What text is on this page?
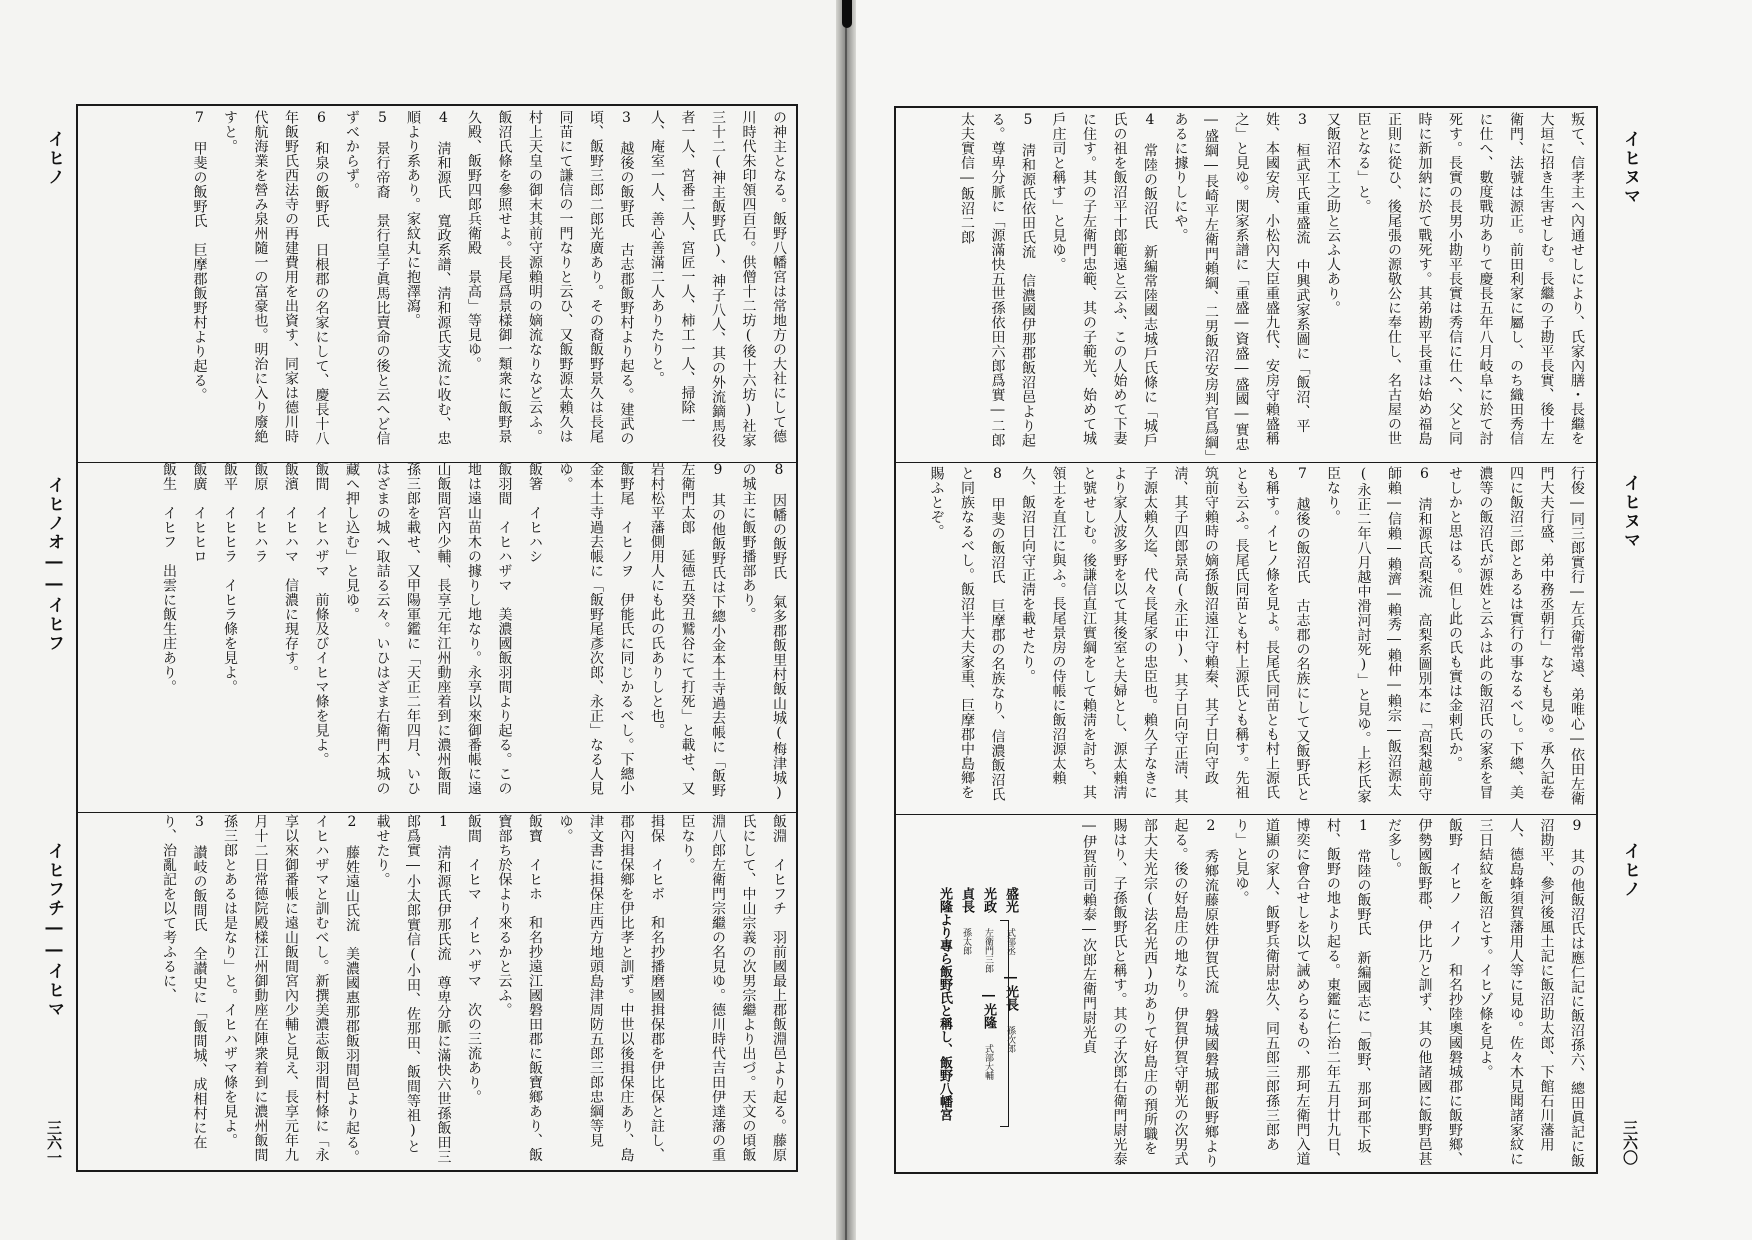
の神主となる。飯野八幡宮は常地方の大社にして德川時代朱印領四百石。供僧十二坊(後十六坊)社家三十二(神主飯野氏)、神子八人、其の外流鏑馬役者一人、宮番二人、宮匠一人、柿工一人、掃除一人、庵室一人、善心善滿二人ありたりと。
3　越後の飯野氏　古志郡飯野村より起る。建武の頃、飯野三郎二郎光廣あり。その裔飯野景久は長尾同苗にて謙信の一門なりと云ひ、又飯野源太賴久は村上天皇の御末其前守源賴明の嫡流なりなど云ふ。飯沼氏條を參照せよ。長尾爲景樣御一類衆に飯野景久殿、飯野四郎兵衛殿　景高」等見ゆ。
4　淸和源氏　寬政系譜、淸和源氏支流に收む、忠順より系あり。家紋丸に抱澤瀉。
5　景行帝裔　景行皇子眞馬比賣命の後と云へど信ずべからず。
6　和泉の飯野氏　日根郡の名家にして、慶長十八年飯野氏西法寺の再建費用を出資す、同家は德川時代航海業を營み泉州隨一の富豪也。明治に入り廢絶すと。
7　甲斐の飯野氏　巨摩郡飯野村より起る。
8　因幡の飯野氏　氣多郡飯里村飯山城(梅津城)の城主に飯野播部あり。
9　其の他飯野氏は下總小金本土寺過去帳に「飯野左衛門太郎　延德五癸丑鷲谷にて打死」と載せ、又岩村松平藩側用人にも此の氏ありしと也。
飯野尾　イヒノヲ　伊能氏に同じかるべし。下總小金本土寺過去帳に「飯野尾彥次郎、永正」なる人見ゆ。
飯箸　イヒハシ
飯羽間　イヒハザマ　美濃國飯羽間より起る。この地は遠山苗木の據りし地なり。永享以來御番帳に遠山飯間宮內少輔、長享元年江州動座着到に濃州飯間孫三郎を載せ、又甲陽軍鑑に「天正二年四月、いひはざまの城へ取詰る云々。いひはざま右衛門本城の藏へ押し込む」と見ゆ。
飯間　イヒハザマ　前條及びイヒマ條を見よ。
飯濱　イヒハマ　信濃に現存す。
飯原　イヒハラ
飯平　イヒヒラ　イヒラ條を見よ。
飯廣　イヒヒロ
飯生　イヒフ　出雲に飯生庄あり。
飯淵　イヒフチ　羽前國最上郡飯淵邑より起る。藤原氏にして、中山宗義の次男宗繼より出づ。天文の頃飯淵八郎左衛門宗繼の名見ゆ。德川時代吉田伊達藩の重臣なり。
揖保　イヒボ　和名抄播磨國揖保郡を伊比保と註し、郡內揖保鄉を伊比孝と訓ず。中世以後揖保庄あり、島津文書に揖保庄西方地頭島津周防五郎三郎忠綱等見ゆ。
飯寶　イヒホ　和名抄遠江國磐田郡に飯寶鄉あり、飯寶部ち於保より來るかと云ふ。
飯間　イヒマ　イヒハザマ　次の三流あり。
1　淸和源氏伊那氏流　尊卑分脈に滿快六世孫飯田三郎爲實―小太郎實信(小田、佐那田、飯間等祖)と載せたり。
2　藤姓遠山氏流　美濃國惠那郡飯羽間邑より起る。イヒハザマと訓むべし。新撰美濃志飯羽間村條に「永享以來御番帳に遠山飯間宮內少輔と見え、長享元年九月十二日常德院殿樣江州御動座在陣衆着到に濃州飯間孫三郎とあるは是なり」と。イヒハザマ條を見よ。
3　讃岐の飯間氏　全讃史に「飯間城、成相村に在り、治亂記を以て考ふるに、
イヒノ
イヒノオ――イヒフ
イヒフチ――イヒマ
三六一
叛て、信孝主へ內通せしにより、氏家內膳・長繼を大垣に招き生害せしむ。長繼の子勘平長實、後十左衛門、法號は源正。前田利家に屬し、のち織田秀信に仕へ、數度戰功ありて慶長五年八月岐阜に於て討死す。長實の長男小勘平長實は秀信に仕へ、父と同時に新加納に於て戰死す。其弟勘平長重は始め福島正則に從ひ、後尾張の源敬公に奉仕し、名古屋の世臣となる」と。
又飯沼木工之助と云ふ人あり。
3　桓武平氏重盛流　中興武家系圖に「飯沼、平姓、本國安房、小松內大臣重盛九代、安房守賴盛稱之」と見ゆ。関家系譜に「重盛―資盛―盛國―實忠―盛綱―長崎平左衛門賴綱、二男飯沼安房判官爲綱」あるに據りしにや。
4　常陸の飯沼氏　新編常陸國志城戶氏條に「城戶氏の祖を飯沼平十郎範遠と云ふ、この人始めて下妻に住す。其の子左衛門忠範、其の子範光、始めて城戶庄司と稱す」と見ゆ。
5　淸和源氏依田氏流　信濃國伊那郡飯沼邑より起る。尊卑分脈に「源滿快五世孫依田六郎爲實―二郎太夫實信―飯沼二郎
行俊―同三郎實行―左兵衛常遠、弟唯心―依田左衛門大夫行盛、弟中務丞朝行」なども見ゆ。承久記卷四に飯沼三郎とあるは實行の事なるべし。下總、美濃等の飯沼氏が源姓と云ふは此の飯沼氏の家系を冒せしかと思はる。但し此の氏も實は金剌氏か。
6　淸和源氏高梨流　高梨系圖別本に「高梨越前守師賴―信賴―賴濟―賴秀―賴仲―賴宗―飯沼源太(永正二年八月越中滑河討死)」と見ゆ。上杉氏家臣なり。
7　越後の飯沼氏　古志郡の名族にして又飯野氏とも稱す。イヒノ條を見よ。長尾氏同苗とも村上源氏とも云ふ。長尾氏同苗とも村上源氏とも稱す。先祖筑前守賴時の嫡孫飯沼遠江守賴秦、其子日向守政淸、其子四郎景高(永正中)、其子日向守正淸、其子源太賴久迄、代々長尾家の忠臣也。賴久子なきにより家人波多野を以て其後室と夫婦とし、源太賴淸と號せしむ。後謙信直江實綱をして賴淸を討ち、其領土を直江に與ふ。長尾景房の侍帳に飯沼源太賴久、飯沼日向守正淸を載せたり。
8　甲斐の飯沼氏　巨摩郡の名族なり、信濃飯沼氏と同族なるべし。飯沼半大夫家重、巨摩郡中島鄉を賜ふとぞ。
9　其の他飯沼氏は應仁記に飯沼孫六、總田眞記に飯沼勘平、參河後風土記に飯沼助太郎、下館石川藩用人、德島蜂須賀藩用人等に見ゆ。佐々木見聞諸家紋に三日結紋を飯沼とす。イヒゾ條を見よ。
飯野　イヒノ　イノ　和名抄陸奧國磐城郡に飯野鄉、伊勢國飯野郡、伊比乃と訓ず、其の他諸國に飯野邑甚だ多し。
1　常陸の飯野氏　新編國志に「飯野、那珂郡下坂村、飯野の地より起る。東鑑に仁治二年五月廿九日、博奕に會合せしを以て誡めらるもの、那珂左衛門入道道顯の家人、飯野兵衛尉忠久、同五郎三郎孫三郎あり」と見ゆ。
2　秀鄉流藤原姓伊賀氏流　磐城國磐城郡飯野鄉より起る。後の好島庄の地なり。伊賀伊賀守朝光の次男式部大夫光宗(法名光西)功ありて好島庄の預所職を賜はり、子孫飯野氏と稱す。其の子次郎右衛門尉光泰―伊賀前司賴泰―次郎左衛門尉光貞
盛光 式部丞 ―光長 孫次郎
光政 左衛門三郎 ―光隆 式部大輔
貞長 孫太郎
光隆より專ら飯野氏と稱し、飯野八幡宮
イヒヌマ
イヒヌマ
イヒノ
三六〇
